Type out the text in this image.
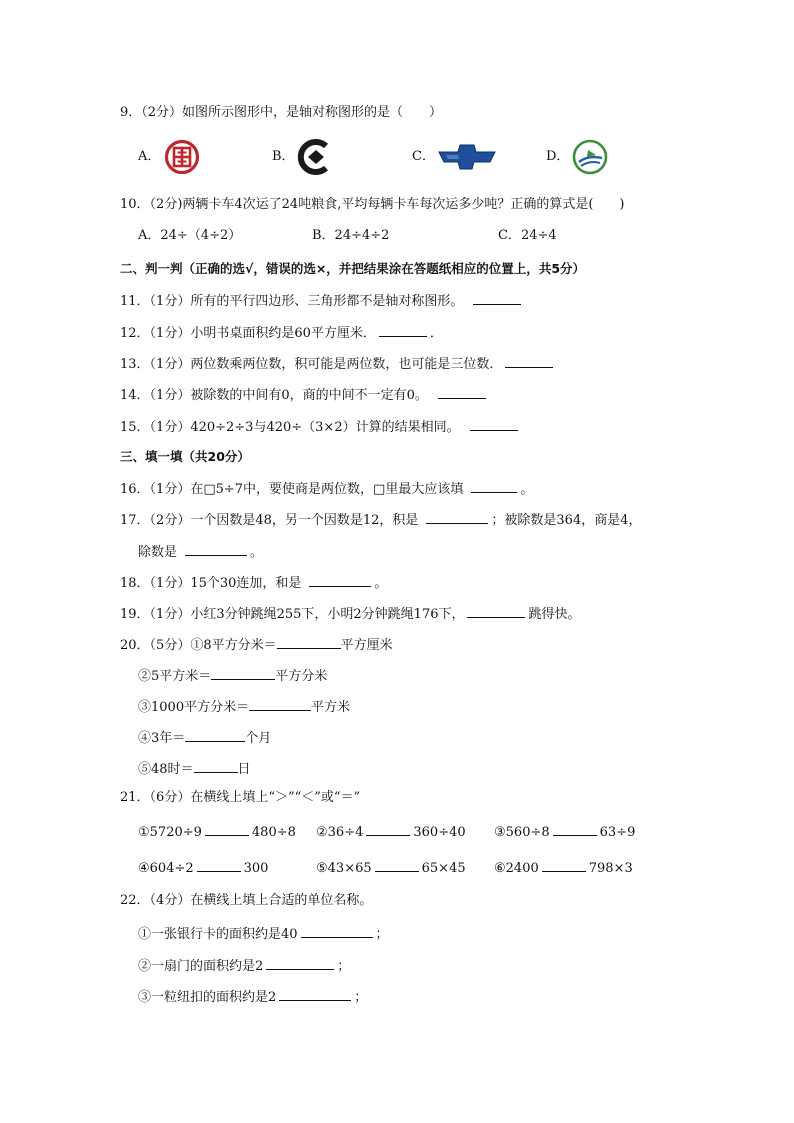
9．（2分）如图所示图形中，是轴对称图形的是（　　）
A．	B．	C．	D．
10．（2分)两辆卡车4次运了24吨粮食,平均每辆卡车每次运多少吨？正确的算式是(　　)
A．24÷（4÷2）	B．24÷4÷2	C．24÷4
二、判一判（正确的选√，错误的选×，并把结果涂在答题纸相应的位置上，共5分）
11．（1分）所有的平行四边形、三角形都不是轴对称图形。
12．（1分）小明书桌面积约是60平方厘米．	．
13．（1分）两位数乘两位数，积可能是两位数，也可能是三位数．
14．（1分）被除数的中间有0，商的中间不一定有0。
15．（1分）420÷2÷3与420÷（3×2）计算的结果相同。
三、填一填（共20分）
16．（1分）在□5÷7中，要使商是两位数，□里最大应该填	。
17．（2分）一个因数是48，另一个因数是12，积是	；被除数是364，商是4，
除数是	。
18．（1分）15个30连加，和是	。
19．（1分）小红3分钟跳绳255下，小明2分钟跳绳176下，	跳得快。
20．（5分）①8平方分米＝	平方厘米
②5平方米＝	平方分米
③1000平方分米＝	平方米
④3年＝	个月
⑤48时＝	日
21．（6分）在横线上填上“＞”“＜”或“＝”
①5720÷9	480÷8 ②36÷4	360÷40 ③560÷8	63÷9
④604÷2	300	⑤43×65	65×45 ⑥2400	798×3
22．（4分）在横线上填上合适的单位名称。
①一张银行卡的面积约是40	；
②一扇门的面积约是2	；
③一粒纽扣的面积约是2	；
